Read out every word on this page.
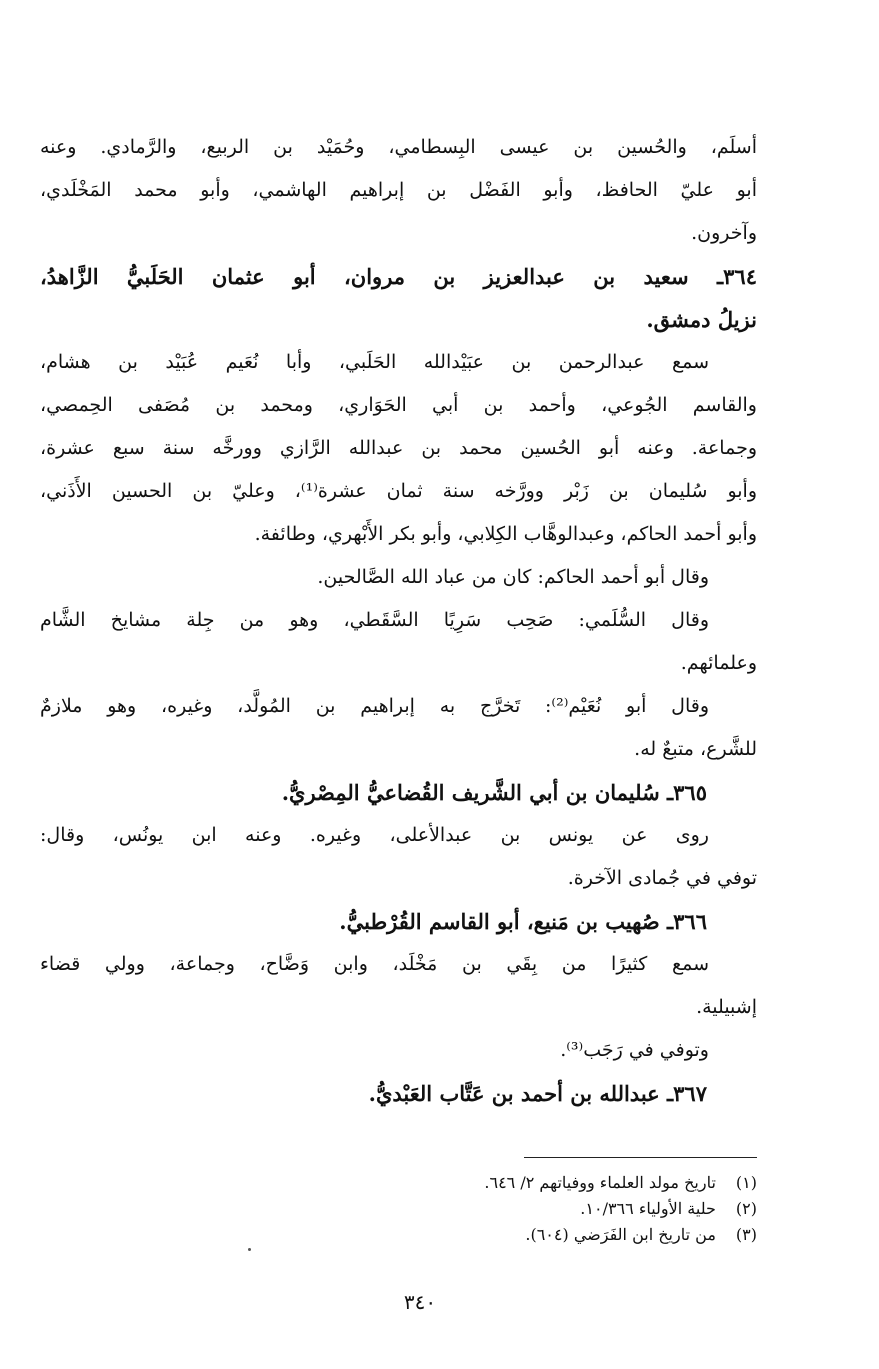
أسلَم، والحُسين بن عيسى البِسطامي، وحُمَيْد بن الربيع، والرَّمادي. وعنه
أبو عليّ الحافظ، وأبو الفَضْل بن إبراهيم الهاشمي، وأبو محمد المَخْلَدي،
وآخرون.
٣٦٤ـ سعيد بن عبدالعزيز بن مروان، أبو عثمان الحَلَبيُّ الزَّاهدُ،
نزيلُ دمشق.
سمع عبدالرحمن بن عبَيْدالله الحَلَبي، وأبا نُعَيم عُبَيْد بن هشام،
والقاسم الجُوعي، وأحمد بن أبي الحَوَاري، ومحمد بن مُصَفى الحِمصي،
وجماعة. وعنه أبو الحُسين محمد بن عبدالله الرَّازي وورخَّه سنة سبع عشرة،
وأبو سُليمان بن زَبْر وورَّخه سنة ثمان عشرة⁽¹⁾، وعليّ بن الحسين الأَذَني،
وأبو أحمد الحاكم، وعبدالوهَّاب الكِلابي، وأبو بكر الأَبْهري، وطائفة.
وقال أبو أحمد الحاكم: كان من عباد الله الصَّالحين.
وقال السُّلَمي: صَحِب سَرِيًا السَّقَطي، وهو من جِلة مشايخ الشَّام
وعلمائهم.
وقال أبو نُعَيْم⁽²⁾: تَخرَّج به إبراهيم بن المُولَّد، وغيره، وهو ملازمٌ
للشَّرع، متبعٌ له.
٣٦٥ـ سُليمان بن أبي الشَّريف القُضاعيُّ المِصْريُّ.
روى عن يونس بن عبدالأعلى، وغيره. وعنه ابن يونُس، وقال:
توفي في جُمادى الآخرة.
٣٦٦ـ صُهيب بن مَنيع، أبو القاسم القُرْطبيُّ.
سمع كثيرًا من بِقَي بن مَخْلَد، وابن وَضَّاح، وجماعة، وولي قضاء
إشبيلية.
وتوفي في رَجَب⁽³⁾.
٣٦٧ـ عبدالله بن أحمد بن عَتَّاب العَبْديُّ.
(١) تاريخ مولد العلماء ووفياتهم ٢/ ٦٤٦.
(٢) حلية الأولياء ١٠/٣٦٦.
(٣) من تاريخ ابن الفَرَضي (٦٠٤).
٣٤٠
